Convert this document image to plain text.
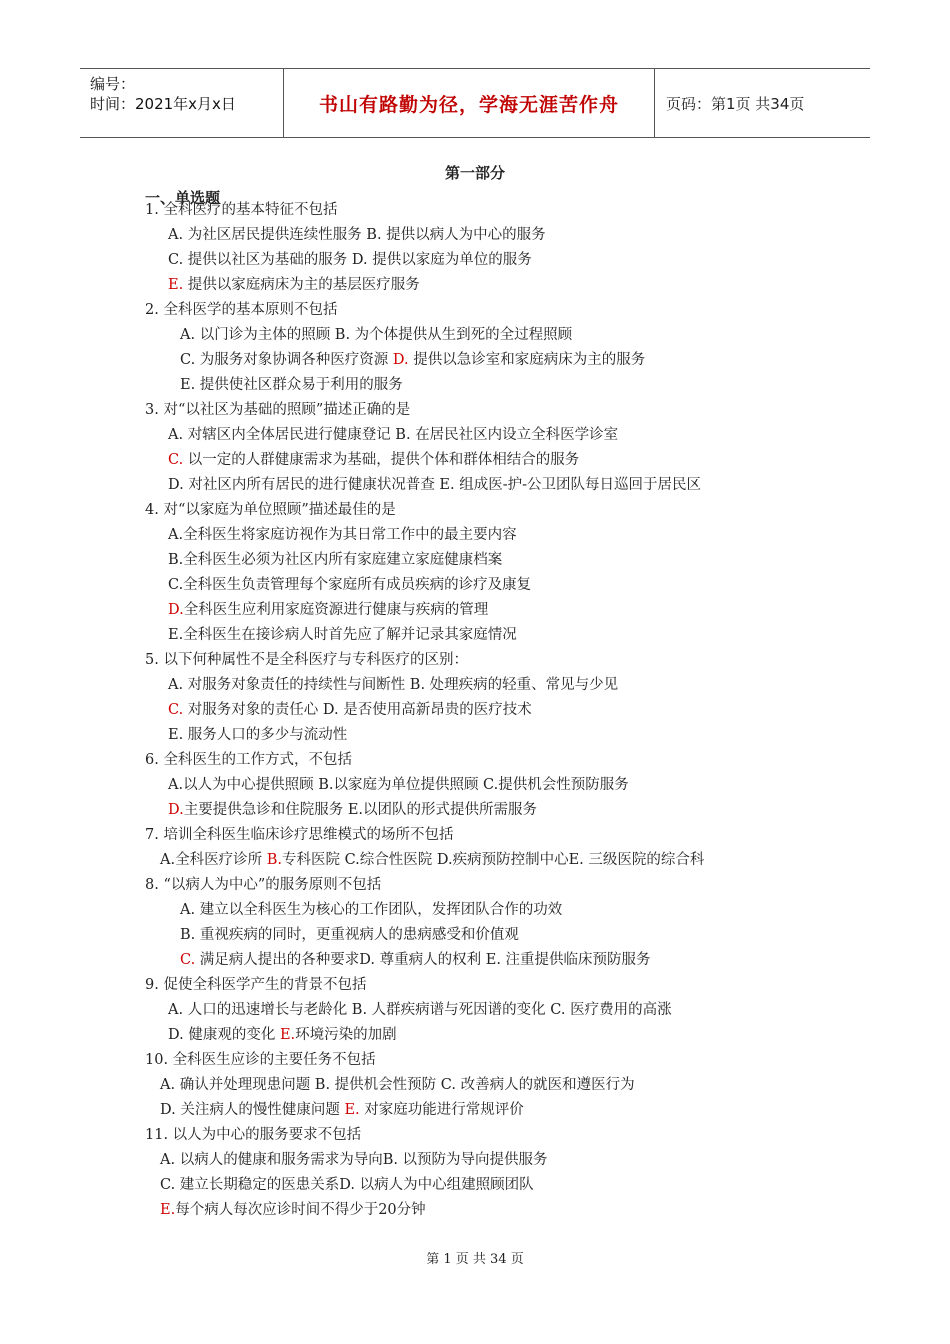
编号：
时间：2021年x月x日	书山有路勤为径，学海无涯苦作舟	页码：第1页 共34页
第一部分
一、单选题
1. 全科医疗的基本特征不包括
A. 为社区居民提供连续性服务 B. 提供以病人为中心的服务
C. 提供以社区为基础的服务 D. 提供以家庭为单位的服务
E. 提供以家庭病床为主的基层医疗服务
2. 全科医学的基本原则不包括
A. 以门诊为主体的照顾 B. 为个体提供从生到死的全过程照顾
C. 为服务对象协调各种医疗资源 D. 提供以急诊室和家庭病床为主的服务
E. 提供使社区群众易于利用的服务
3. 对“以社区为基础的照顾”描述正确的是
A. 对辖区内全体居民进行健康登记 B. 在居民社区内设立全科医学诊室
C. 以一定的人群健康需求为基础，提供个体和群体相结合的服务
D. 对社区内所有居民的进行健康状况普查 E. 组成医-护-公卫团队每日巡回于居民区
4. 对“以家庭为单位照顾”描述最佳的是
A.全科医生将家庭访视作为其日常工作中的最主要内容
B.全科医生必须为社区内所有家庭建立家庭健康档案
C.全科医生负责管理每个家庭所有成员疾病的诊疗及康复
D.全科医生应利用家庭资源进行健康与疾病的管理
E.全科医生在接诊病人时首先应了解并记录其家庭情况
5. 以下何种属性不是全科医疗与专科医疗的区别：
A. 对服务对象责任的持续性与间断性 B. 处理疾病的轻重、常见与少见
C. 对服务对象的责任心 D. 是否使用高新昂贵的医疗技术
E. 服务人口的多少与流动性
6. 全科医生的工作方式，不包括
A.以人为中心提供照顾 B.以家庭为单位提供照顾 C.提供机会性预防服务
D.主要提供急诊和住院服务 E.以团队的形式提供所需服务
7. 培训全科医生临床诊疗思维模式的场所不包括
A.全科医疗诊所 B.专科医院 C.综合性医院 D.疾病预防控制中心E. 三级医院的综合科
8. “以病人为中心”的服务原则不包括
A. 建立以全科医生为核心的工作团队，发挥团队合作的功效
B. 重视疾病的同时，更重视病人的患病感受和价值观
C. 满足病人提出的各种要求D. 尊重病人的权利 E. 注重提供临床预防服务
9. 促使全科医学产生的背景不包括
A. 人口的迅速增长与老龄化 B. 人群疾病谱与死因谱的变化 C. 医疗费用的高涨
D. 健康观的变化 E.环境污染的加剧
10. 全科医生应诊的主要任务不包括
A. 确认并处理现患问题 B. 提供机会性预防 C. 改善病人的就医和遵医行为
D. 关注病人的慢性健康问题 E. 对家庭功能进行常规评价
11. 以人为中心的服务要求不包括
A. 以病人的健康和服务需求为导向B. 以预防为导向提供服务
C. 建立长期稳定的医患关系D. 以病人为中心组建照顾团队
E.每个病人每次应诊时间不得少于20分钟
第 1 页 共 34 页
